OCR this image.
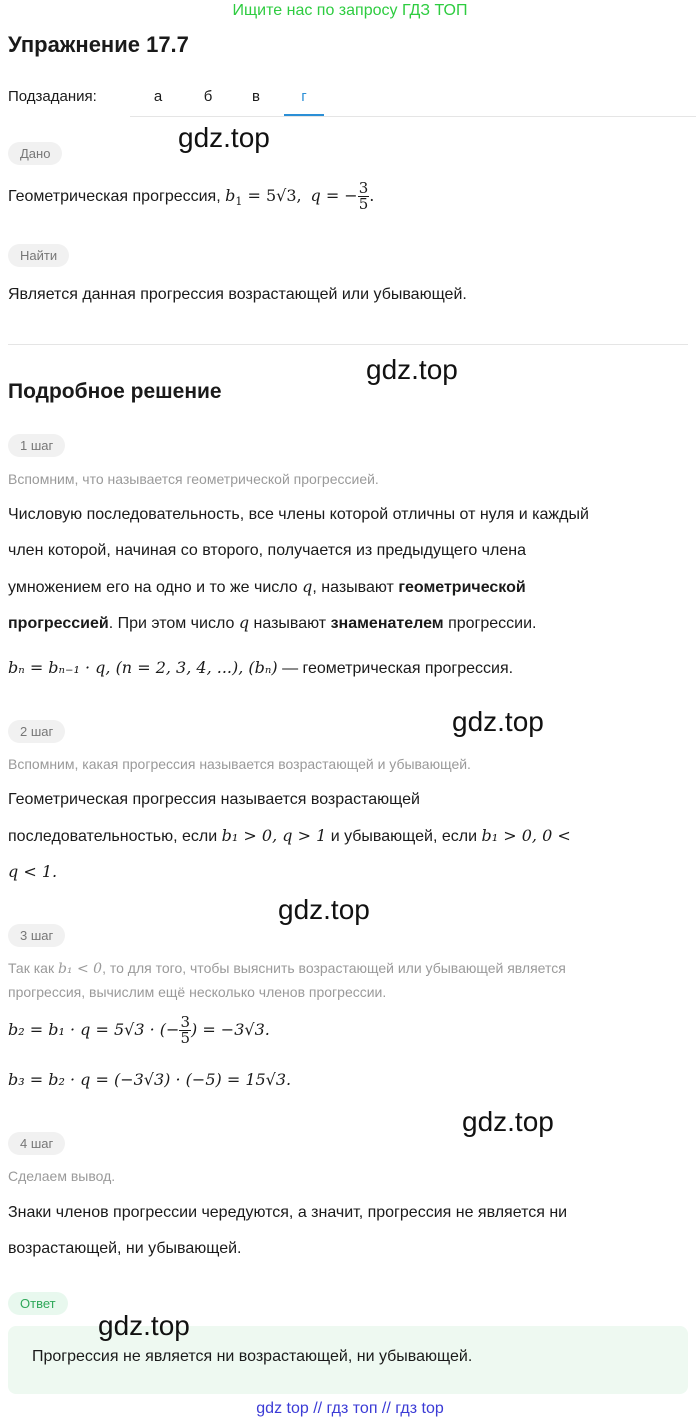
Ищите нас по запросу ГДЗ ТОП
Упражнение 17.7
Подзадания:	а	б	в	г
Дано
gdz.top
Геометрическая прогрессия, $b_1 = 5√3$, q = − $\frac{3}{5}$ .
Найти
Является данная прогрессия возрастающей или убывающей.
gdz.top
Подробное решение
1 шаг
Вспомним, что называется геометрической прогрессией.
Числовую последовательность, все члены которой отличны от нуля и каждый
член которой, начиная со второго, получается из предыдущего члена
умножением его на одно и то же число q, называют геометрической
прогрессией. При этом число q называют знаменателем прогрессии.
bₙ = bₙ₋₁ · q, (n = 2, 3, 4, ...), (bₙ) — геометрическая прогрессия.
gdz.top
2 шаг
Вспомним, какая прогрессия называется возрастающей и убывающей.
Геометрическая прогрессия называется возрастающей
последовательностью, если b₁ > 0, q > 1 и убывающей, если b₁ > 0, 0 <
q < 1.
gdz.top
3 шаг
Так как b₁ < 0, то для того, чтобы выяснить возрастающей или убывающей является
прогрессия, вычислим ещё несколько членов прогрессии.
b₂ = b₁ · q = 5√3 · (− $\frac{3}{5}$ ) = −3√3.
b₃ = b₂ · q = (−3√3) · (−5) = 15√3.
gdz.top
4 шаг
Сделаем вывод.
Знаки членов прогрессии чередуются, а значит, прогрессия не является ни
возрастающей, ни убывающей.
Ответ
Прогрессия не является ни возрастающей, ни убывающей.
gdz.top
gdz top // гдз топ // гдз top
